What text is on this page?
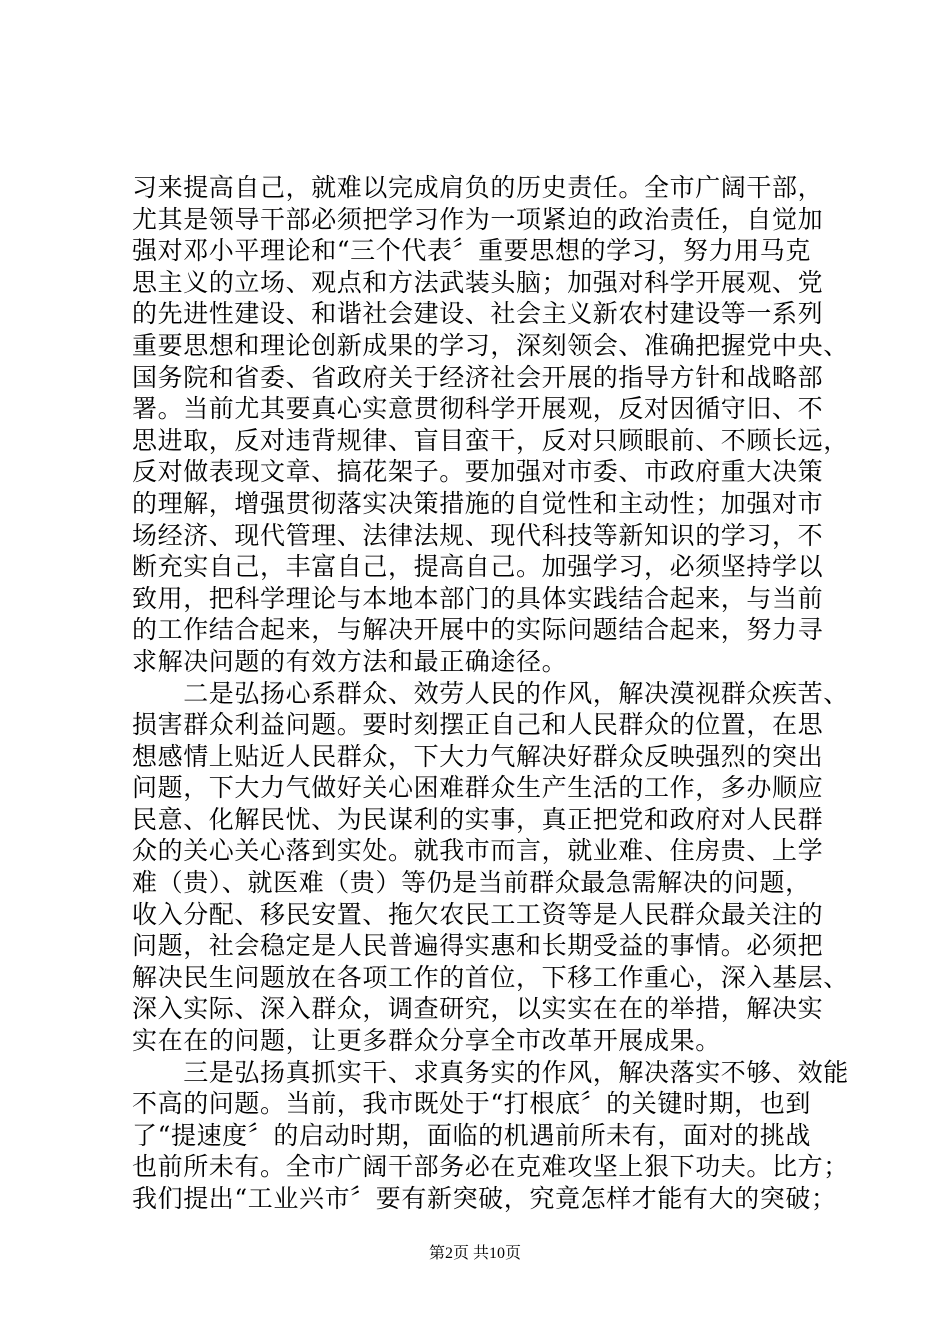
习来提高自己，就难以完成肩负的历史责任。全市广阔干部，
尤其是领导干部必须把学习作为一项紧迫的政治责任，自觉加
强对邓小平理论和“三个代表〞重要思想的学习，努力用马克
思主义的立场、观点和方法武装头脑；加强对科学开展观、党
的先进性建设、和谐社会建设、社会主义新农村建设等一系列
重要思想和理论创新成果的学习，深刻领会、准确把握党中央、
国务院和省委、省政府关于经济社会开展的指导方针和战略部
署。当前尤其要真心实意贯彻科学开展观，反对因循守旧、不
思进取，反对违背规律、盲目蛮干，反对只顾眼前、不顾长远，
反对做表现文章、搞花架子。要加强对市委、市政府重大决策
的理解，增强贯彻落实决策措施的自觉性和主动性；加强对市
场经济、现代管理、法律法规、现代科技等新知识的学习，不
断充实自己，丰富自己，提高自己。加强学习，必须坚持学以
致用，把科学理论与本地本部门的具体实践结合起来，与当前
的工作结合起来，与解决开展中的实际问题结合起来，努力寻
求解决问题的有效方法和最正确途径。
　　二是弘扬心系群众、效劳人民的作风，解决漠视群众疾苦、
损害群众利益问题。要时刻摆正自己和人民群众的位置，在思
想感情上贴近人民群众，下大力气解决好群众反映强烈的突出
问题，下大力气做好关心困难群众生产生活的工作，多办顺应
民意、化解民忧、为民谋利的实事，真正把党和政府对人民群
众的关心关心落到实处。就我市而言，就业难、住房贵、上学
难（贵）、就医难（贵）等仍是当前群众最急需解决的问题，
收入分配、移民安置、拖欠农民工工资等是人民群众最关注的
问题，社会稳定是人民普遍得实惠和长期受益的事情。必须把
解决民生问题放在各项工作的首位，下移工作重心，深入基层、
深入实际、深入群众，调查研究，以实实在在的举措，解决实
实在在的问题，让更多群众分享全市改革开展成果。
　　三是弘扬真抓实干、求真务实的作风，解决落实不够、效能
不高的问题。当前，我市既处于“打根底〞的关键时期，也到
了“提速度〞的启动时期，面临的机遇前所未有，面对的挑战
也前所未有。全市广阔干部务必在克难攻坚上狠下功夫。比方；
我们提出“工业兴市〞要有新突破，究竟怎样才能有大的突破；
第2页 共10页
